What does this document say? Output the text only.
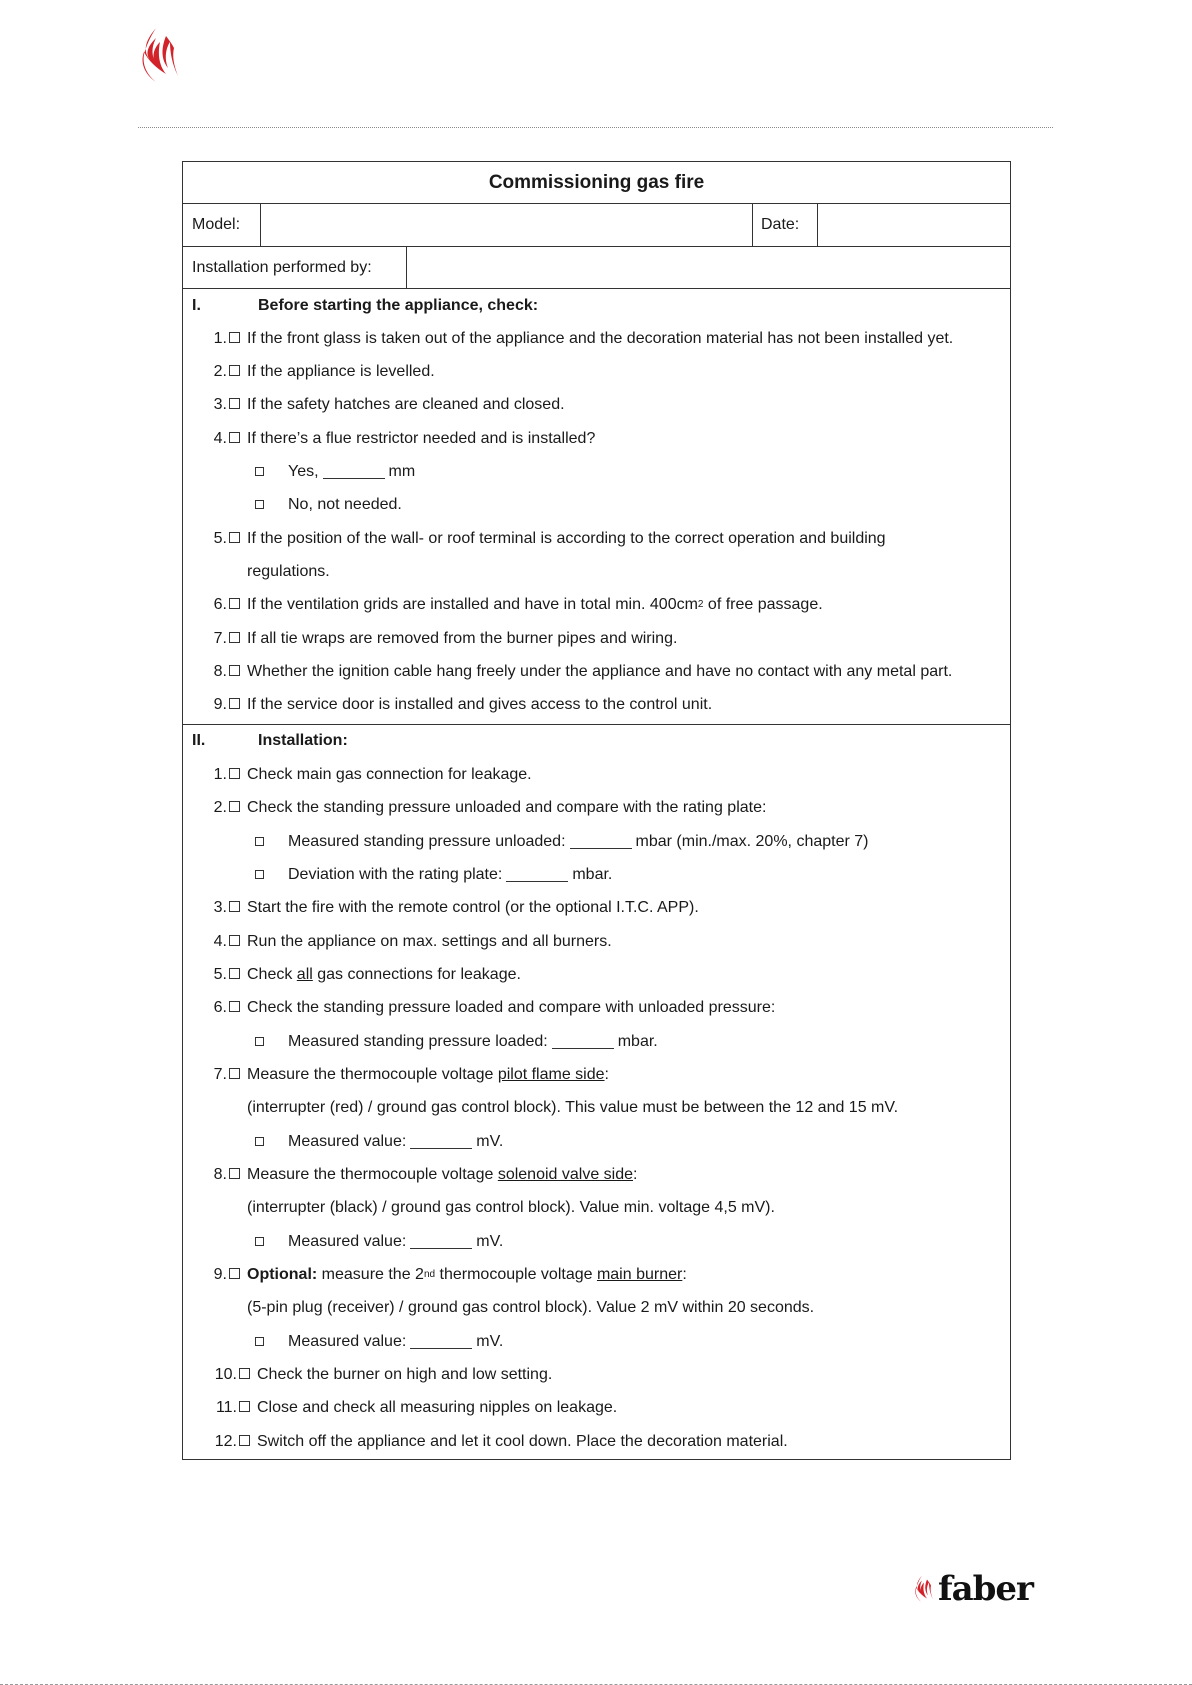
Commissioning gas fire
Model:	Date:
Installation performed by:
I.	Before starting the appliance, check:
1. If the front glass is taken out of the appliance and the decoration material has not been installed yet.
2. If the appliance is levelled.
3. If the safety hatches are cleaned and closed.
4. If there’s a flue restrictor needed and is installed?
Yes,	mm
No, not needed.
5. If the position of the wall- or roof terminal is according to the correct operation and building
regulations.
6. If the ventilation grids are installed and have in total min. 400cm 2 of free passage.
7. If all tie wraps are removed from the burner pipes and wiring.
8. Whether the ignition cable hang freely under the appliance and have no contact with any metal part.
9. If the service door is installed and gives access to the control unit.
II.	Installation:
1. Check main gas connection for leakage.
2. Check the standing pressure unloaded and compare with the rating plate:
Measured standing pressure unloaded:	mbar (min./max. 20%, chapter 7)
Deviation with the rating plate:	mbar.
3. Start the fire with the remote control (or the optional I.T.C. APP).
4. Run the appliance on max. settings and all burners.
5. Check all gas connections for leakage.
6. Check the standing pressure loaded and compare with unloaded pressure:
Measured standing pressure loaded:	mbar.
7. Measure the thermocouple voltage pilot flame side :
(interrupter (red) / ground gas control block). This value must be between the 12 and 15 mV.
Measured value:	mV.
8. Measure the thermocouple voltage solenoid valve side :
(interrupter (black) / ground gas control block). Value min. voltage 4,5 mV).
Measured value:	mV.
9. Optional: measure the 2 nd thermocouple voltage main burner :
(5-pin plug (receiver) / ground gas control block). Value 2 mV within 20 seconds.
Measured value:	mV.
10. Check the burner on high and low setting.
11. Close and check all measuring nipples on leakage.
12. Switch off the appliance and let it cool down. Place the decoration material.
faber
